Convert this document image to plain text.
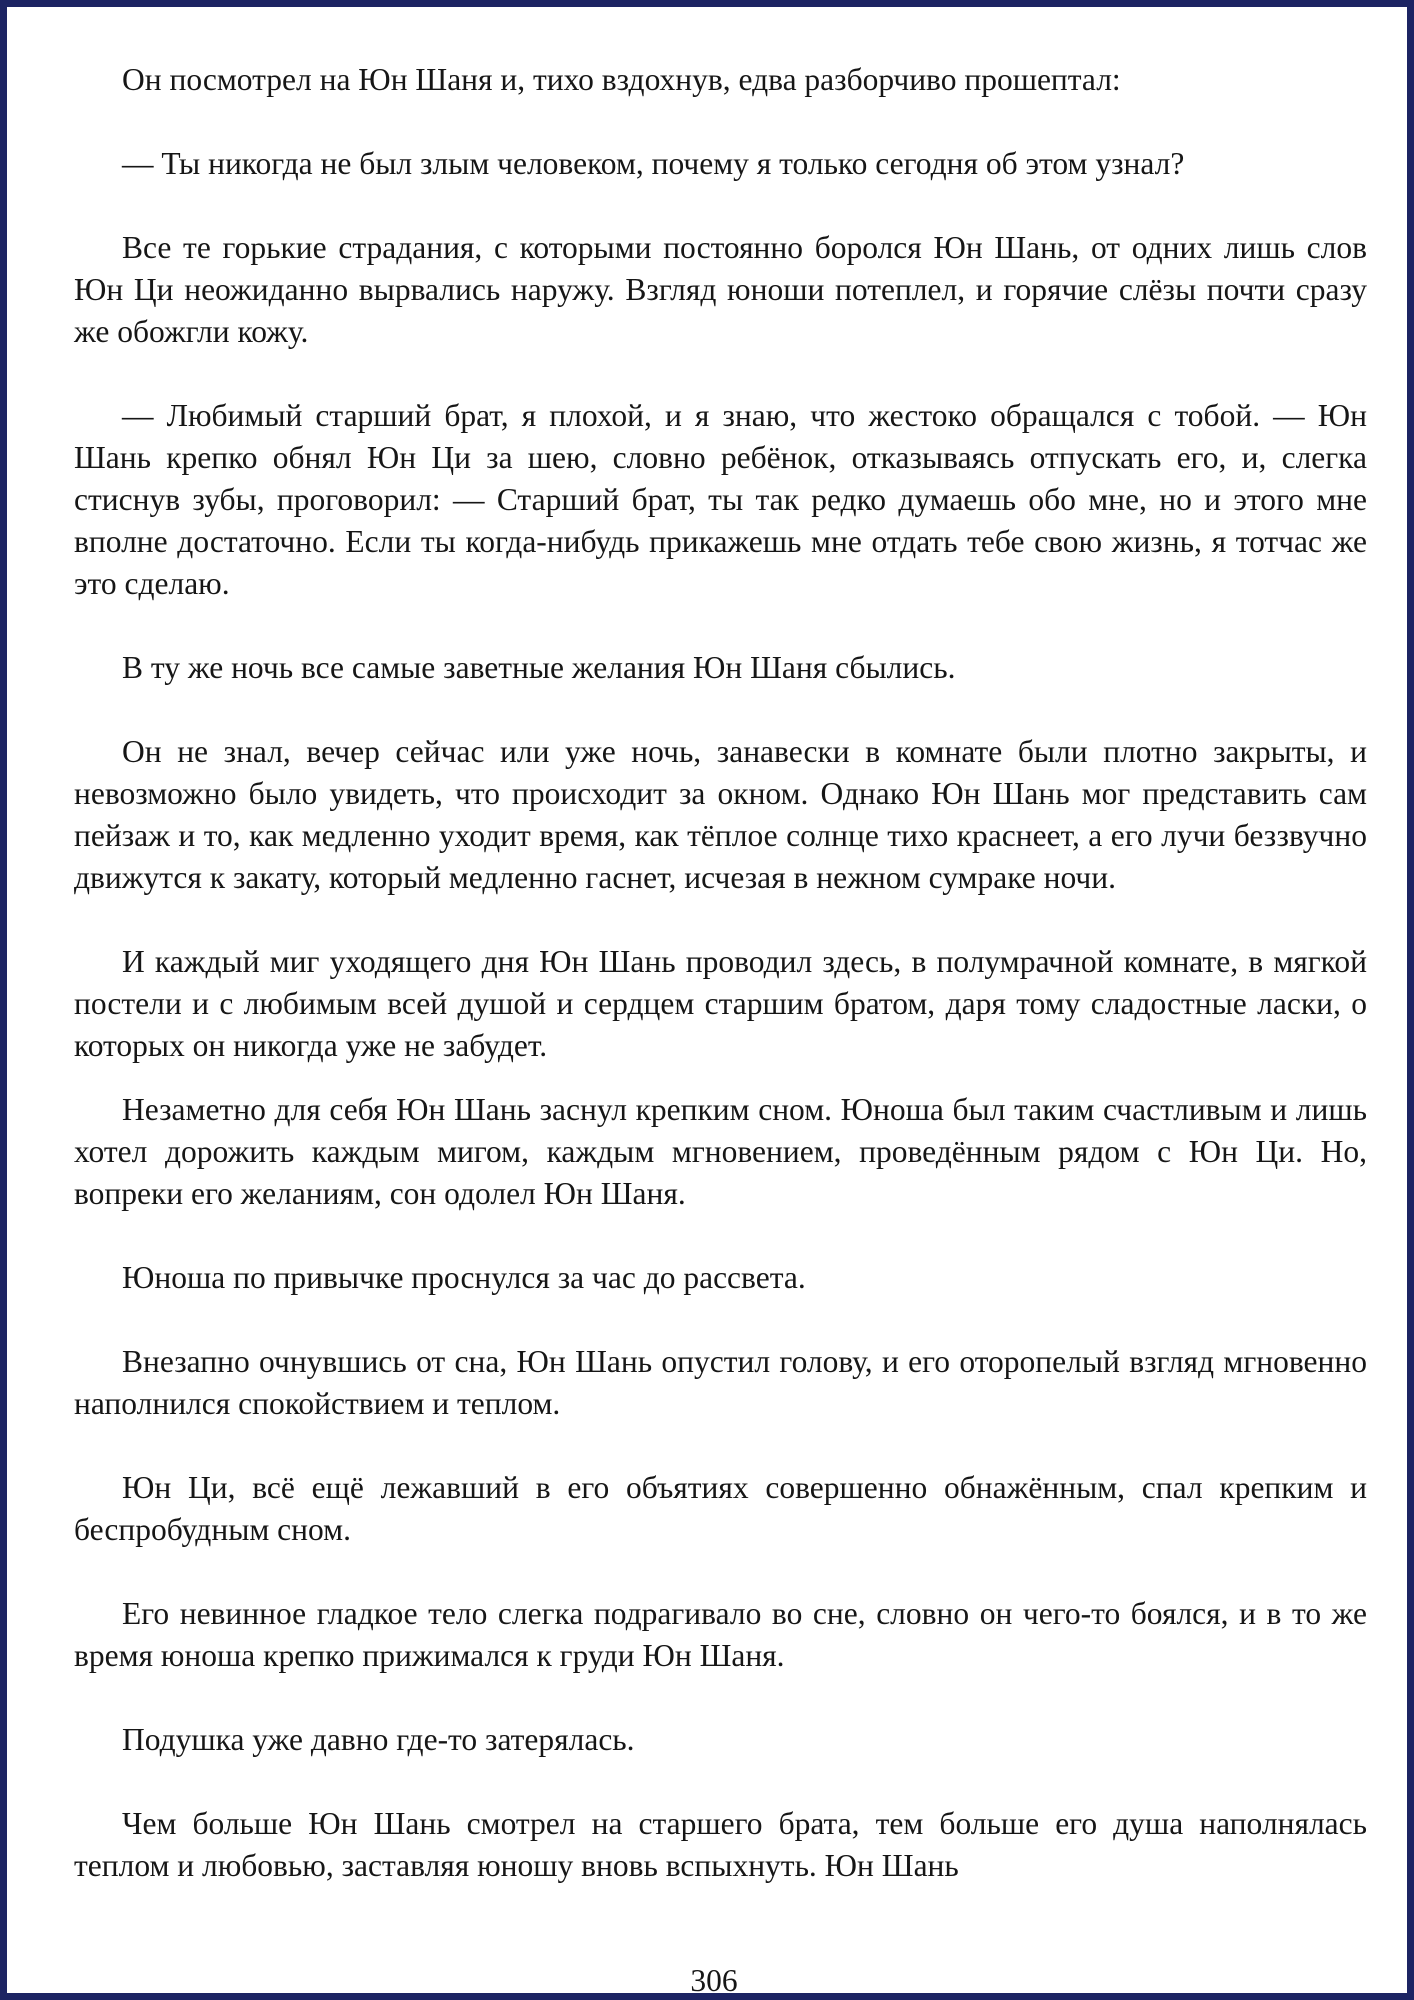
Он посмотрел на Юн Шаня и, тихо вздохнув, едва разборчиво прошептал:

— Ты никогда не был злым человеком, почему я только сегодня об этом узнал?

Все те горькие страдания, с которыми постоянно боролся Юн Шань, от одних лишь слов Юн Ци неожиданно вырвались наружу. Взгляд юноши потеплел, и горячие слёзы почти сразу же обожгли кожу.

— Любимый старший брат, я плохой, и я знаю, что жестоко обращался с тобой. — Юн Шань крепко обнял Юн Ци за шею, словно ребёнок, отказываясь отпускать его, и, слегка стиснув зубы, проговорил: — Старший брат, ты так редко думаешь обо мне, но и этого мне вполне достаточно. Если ты когда-нибудь прикажешь мне отдать тебе свою жизнь, я тотчас же это сделаю.

В ту же ночь все самые заветные желания Юн Шаня сбылись.

Он не знал, вечер сейчас или уже ночь, занавески в комнате были плотно закрыты, и невозможно было увидеть, что происходит за окном. Однако Юн Шань мог представить сам пейзаж и то, как медленно уходит время, как тёплое солнце тихо краснеет, а его лучи беззвучно движутся к закату, который медленно гаснет, исчезая в нежном сумраке ночи.

И каждый миг уходящего дня Юн Шань проводил здесь, в полумрачной комнате, в мягкой постели и с любимым всей душой и сердцем старшим братом, даря тому сладостные ласки, о которых он никогда уже не забудет.

Незаметно для себя Юн Шань заснул крепким сном. Юноша был таким счастливым и лишь хотел дорожить каждым мигом, каждым мгновением, проведённым рядом с Юн Ци. Но, вопреки его желаниям, сон одолел Юн Шаня.

Юноша по привычке проснулся за час до рассвета.

Внезапно очнувшись от сна, Юн Шань опустил голову, и его оторопелый взгляд мгновенно наполнился спокойствием и теплом.

Юн Ци, всё ещё лежавший в его объятиях совершенно обнажённым, спал крепким и беспробудным сном.

Его невинное гладкое тело слегка подрагивало во сне, словно он чего-то боялся, и в то же время юноша крепко прижимался к груди Юн Шаня.

Подушка уже давно где-то затерялась.

Чем больше Юн Шань смотрел на старшего брата, тем больше его душа наполнялась теплом и любовью, заставляя юношу вновь вспыхнуть. Юн Шань

306
